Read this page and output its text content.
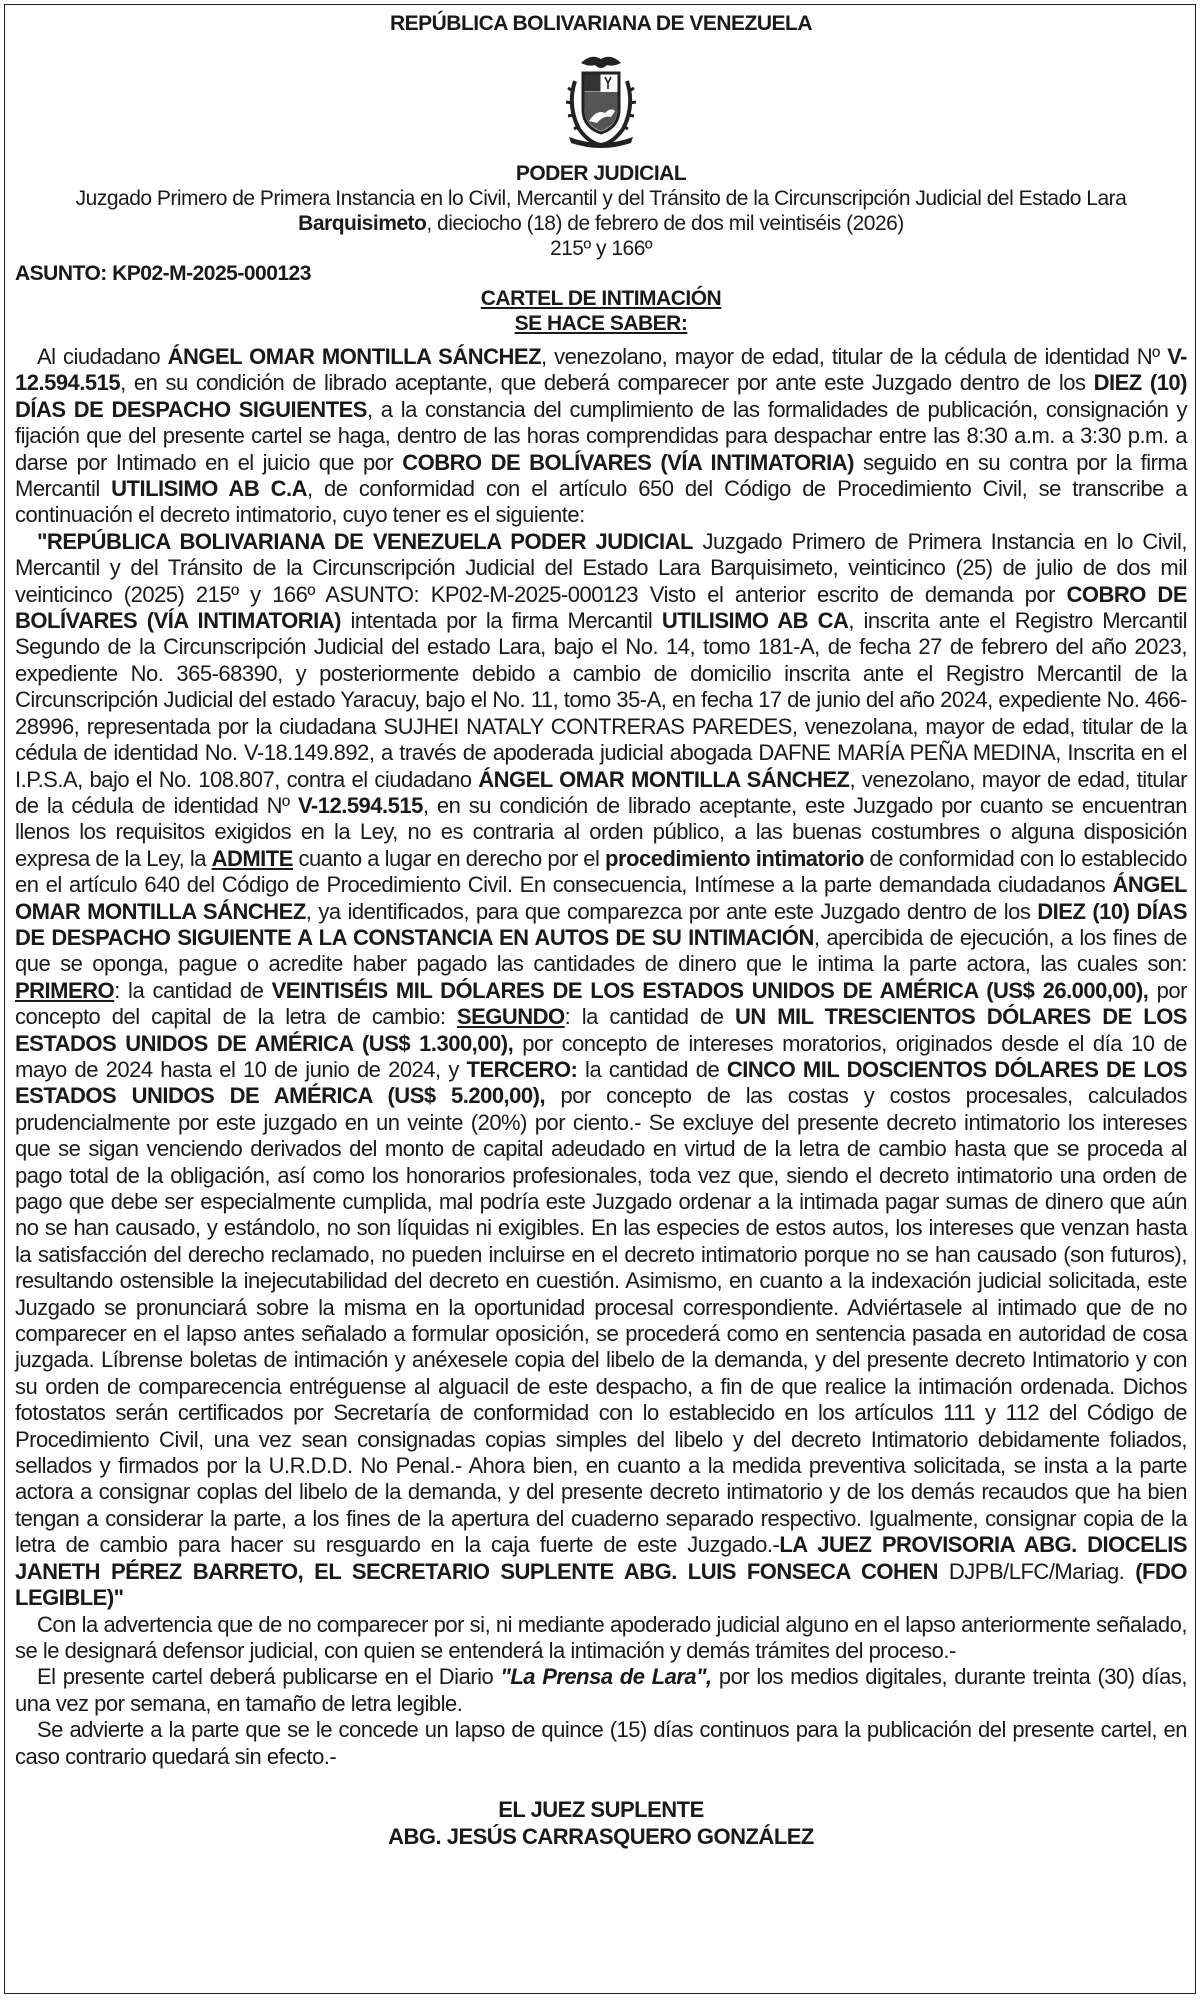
REPÚBLICA BOLIVARIANA DE VENEZUELA
PODER JUDICIAL
Juzgado Primero de Primera Instancia en lo Civil, Mercantil y del Tránsito de la Circunscripción Judicial del Estado Lara
Barquisimeto, dieciocho (18) de febrero de dos mil veintiséis (2026)
215º y 166º
ASUNTO: KP02-M-2025-000123
CARTEL DE INTIMACIÓN
SE HACE SABER:

Al ciudadano ÁNGEL OMAR MONTILLA SÁNCHEZ, venezolano, mayor de edad, titular de la cédula de identidad Nº V-12.594.515, en su condición de librado aceptante, que deberá comparecer por ante este Juzgado dentro de los DIEZ (10) DÍAS DE DESPACHO SIGUIENTES, a la constancia del cumplimiento de las formalidades de publicación, consignación y fijación que del presente cartel se haga, dentro de las horas comprendidas para despachar entre las 8:30 a.m. a 3:30 p.m. a darse por Intimado en el juicio que por COBRO DE BOLÍVARES (VÍA INTIMATORIA) seguido en su contra por la firma Mercantil UTILISIMO AB C.A, de conformidad con el artículo 650 del Código de Procedimiento Civil, se transcribe a continuación el decreto intimatorio, cuyo tener es el siguiente:

"REPÚBLICA BOLIVARIANA DE VENEZUELA PODER JUDICIAL Juzgado Primero de Primera Instancia en lo Civil, Mercantil y del Tránsito de la Circunscripción Judicial del Estado Lara Barquisimeto, veinticinco (25) de julio de dos mil veinticinco (2025) 215º y 166º ASUNTO: KP02-M-2025-000123 Visto el anterior escrito de demanda por COBRO DE BOLÍVARES (VÍA INTIMATORIA) intentada por la firma Mercantil UTILISIMO AB CA, inscrita ante el Registro Mercantil Segundo de la Circunscripción Judicial del estado Lara, bajo el No. 14, tomo 181-A, de fecha 27 de febrero del año 2023, expediente No. 365-68390, y posteriormente debido a cambio de domicilio inscrita ante el Registro Mercantil de la Circunscripción Judicial del estado Yaracuy, bajo el No. 11, tomo 35-A, en fecha 17 de junio del año 2024, expediente No. 466-28996, representada por la ciudadana SUJHEI NATALY CONTRERAS PAREDES, venezolana, mayor de edad, titular de la cédula de identidad No. V-18.149.892, a través de apoderada judicial abogada DAFNE MARÍA PEÑA MEDINA, Inscrita en el I.P.S.A, bajo el No. 108.807, contra el ciudadano ÁNGEL OMAR MONTILLA SÁNCHEZ, venezolano, mayor de edad, titular de la cédula de identidad Nº V-12.594.515, en su condición de librado aceptante, este Juzgado por cuanto se encuentran llenos los requisitos exigidos en la Ley, no es contraria al orden público, a las buenas costumbres o alguna disposición expresa de la Ley, la ADMITE cuanto a lugar en derecho por el procedimiento intimatorio de conformidad con lo establecido en el artículo 640 del Código de Procedimiento Civil. En consecuencia, Intímese a la parte demandada ciudadanos ÁNGEL OMAR MONTILLA SÁNCHEZ, ya identificados, para que comparezca por ante este Juzgado dentro de los DIEZ (10) DÍAS DE DESPACHO SIGUIENTE A LA CONSTANCIA EN AUTOS DE SU INTIMACIÓN, apercibida de ejecución, a los fines de que se oponga, pague o acredite haber pagado las cantidades de dinero que le intima la parte actora, las cuales son: PRIMERO: la cantidad de VEINTISÉIS MIL DÓLARES DE LOS ESTADOS UNIDOS DE AMÉRICA (US$ 26.000,00), por concepto del capital de la letra de cambio: SEGUNDO: la cantidad de UN MIL TRESCIENTOS DÓLARES DE LOS ESTADOS UNIDOS DE AMÉRICA (US$ 1.300,00), por concepto de intereses moratorios, originados desde el día 10 de mayo de 2024 hasta el 10 de junio de 2024, y TERCERO: la cantidad de CINCO MIL DOSCIENTOS DÓLARES DE LOS ESTADOS UNIDOS DE AMÉRICA (US$ 5.200,00), por concepto de las costas y costos procesales, calculados prudencialmente por este juzgado en un veinte (20%) por ciento.- Se excluye del presente decreto intimatorio los intereses que se sigan venciendo derivados del monto de capital adeudado en virtud de la letra de cambio hasta que se proceda al pago total de la obligación, así como los honorarios profesionales, toda vez que, siendo el decreto intimatorio una orden de pago que debe ser especialmente cumplida, mal podría este Juzgado ordenar a la intimada pagar sumas de dinero que aún no se han causado, y estándolo, no son líquidas ni exigibles. En las especies de estos autos, los intereses que venzan hasta la satisfacción del derecho reclamado, no pueden incluirse en el decreto intimatorio porque no se han causado (son futuros), resultando ostensible la inejecutabilidad del decreto en cuestión. Asimismo, en cuanto a la indexación judicial solicitada, este Juzgado se pronunciará sobre la misma en la oportunidad procesal correspondiente. Adviértasele al intimado que de no comparecer en el lapso antes señalado a formular oposición, se procederá como en sentencia pasada en autoridad de cosa juzgada. Líbrense boletas de intimación y anéxesele copia del libelo de la demanda, y del presente decreto Intimatorio y con su orden de comparecencia entréguense al alguacil de este despacho, a fin de que realice la intimación ordenada. Dichos fotostatos serán certificados por Secretaría de conformidad con lo establecido en los artículos 111 y 112 del Código de Procedimiento Civil, una vez sean consignadas copias simples del libelo y del decreto Intimatorio debidamente foliados, sellados y firmados por la U.R.D.D. No Penal.- Ahora bien, en cuanto a la medida preventiva solicitada, se insta a la parte actora a consignar coplas del libelo de la demanda, y del presente decreto intimatorio y de los demás recaudos que ha bien tengan a considerar la parte, a los fines de la apertura del cuaderno separado respectivo. Igualmente, consignar copia de la letra de cambio para hacer su resguardo en la caja fuerte de este Juzgado.-LA JUEZ PROVISORIA ABG. DIOCELIS JANETH PÉREZ BARRETO, EL SECRETARIO SUPLENTE ABG. LUIS FONSECA COHEN DJPB/LFC/Mariag. (FDO LEGIBLE)"

Con la advertencia que de no comparecer por si, ni mediante apoderado judicial alguno en el lapso anteriormente señalado, se le designará defensor judicial, con quien se entenderá la intimación y demás trámites del proceso.-

El presente cartel deberá publicarse en el Diario "La Prensa de Lara", por los medios digitales, durante treinta (30) días, una vez por semana, en tamaño de letra legible.

Se advierte a la parte que se le concede un lapso de quince (15) días continuos para la publicación del presente cartel, en caso contrario quedará sin efecto.-

EL JUEZ SUPLENTE
ABG. JESÚS CARRASQUERO GONZÁLEZ
